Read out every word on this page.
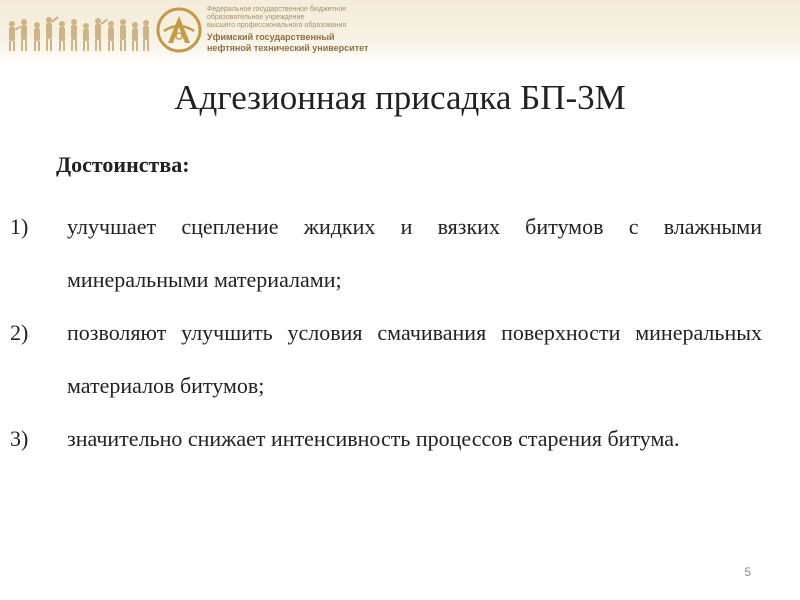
Федеральное государственное бюджетное
образовательное учреждение
высшего профессионального образования
Уфимский государственный
нефтяной технический университет
Адгезионная присадка БП-3М
Достоинства:
1) улучшает сцепление жидких и вязких битумов с влажными минеральными материалами;
2) позволяют улучшить условия смачивания поверхности минеральных материалов битумов;
3) значительно снижает интенсивность процессов старения битума.
5
